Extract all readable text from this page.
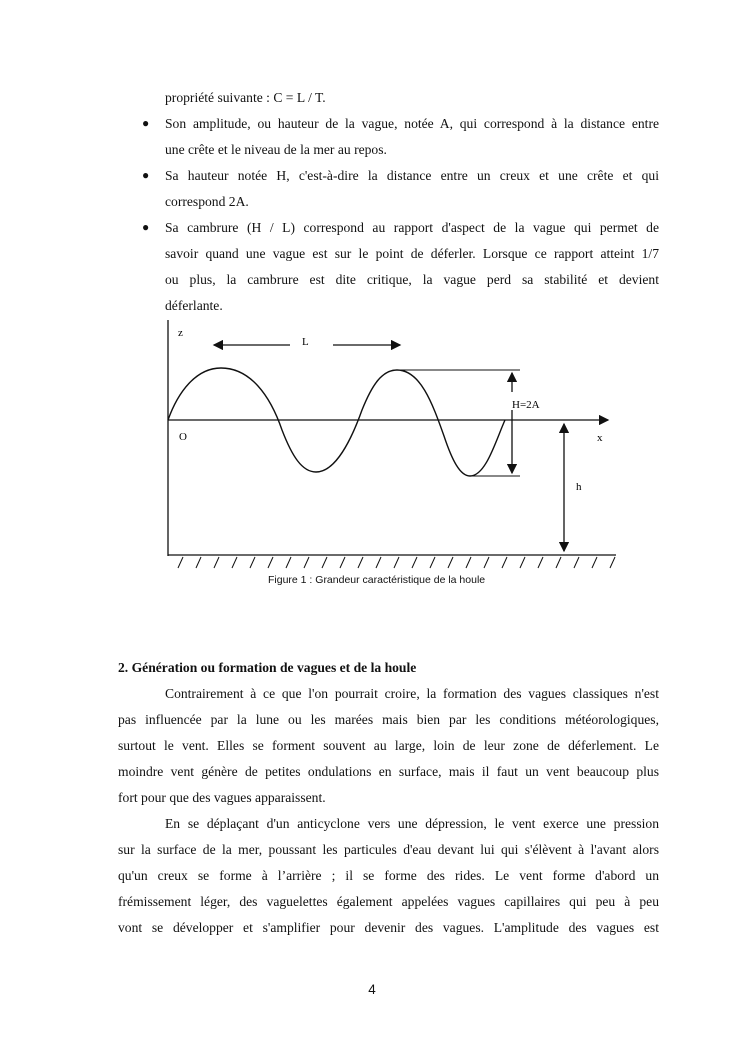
propriété suivante : C = L / T.
● Son amplitude, ou hauteur de la vague, notée A, qui correspond à la distance entre
une crête et le niveau de la mer au repos.
● Sa hauteur notée H, c'est-à-dire la distance entre un creux et une crête et qui
correspond 2A.
● Sa cambrure (H / L) correspond au rapport d'aspect de la vague qui permet de
savoir quand une vague est sur le point de déferler. Lorsque ce rapport atteint 1/7
ou plus, la cambrure est dite critique, la vague perd sa stabilité et devient
déferlante.
z
L
H=2A
O	x
h
Figure 1 : Grandeur caractéristique de la houle
2. Génération ou formation de vagues et de la houle
Contrairement à ce que l'on pourrait croire, la formation des vagues classiques n'est
pas influencée par la lune ou les marées mais bien par les conditions météorologiques,
surtout le vent. Elles se forment souvent au large, loin de leur zone de déferlement. Le
moindre vent génère de petites ondulations en surface, mais il faut un vent beaucoup plus
fort pour que des vagues apparaissent.
En se déplaçant d'un anticyclone vers une dépression, le vent exerce une pression
sur la surface de la mer, poussant les particules d'eau devant lui qui s'élèvent à l'avant alors
qu'un creux se forme à l’arrière ; il se forme des rides. Le vent forme d'abord un
frémissement léger, des vaguelettes également appelées vagues capillaires qui peu à peu
vont se développer et s'amplifier pour devenir des vagues. L'amplitude des vagues est
4
